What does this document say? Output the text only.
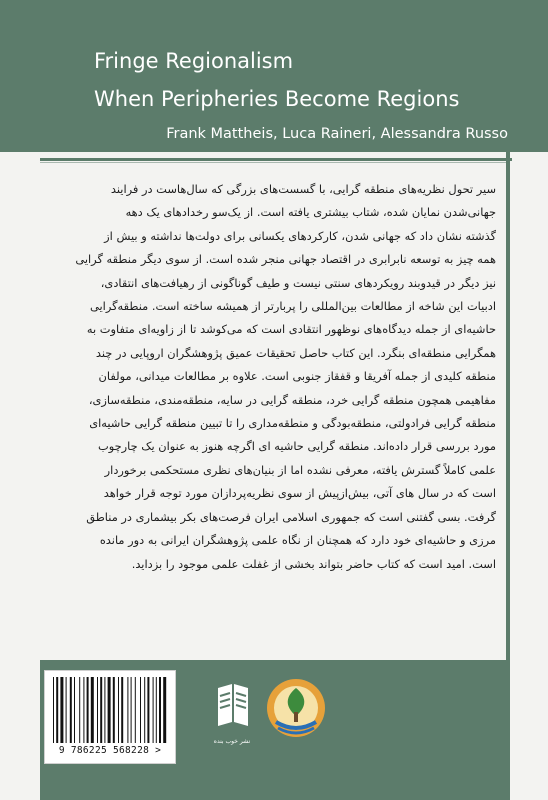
Fringe Regionalism
When Peripheries Become Regions
Frank Mattheis, Luca Raineri, Alessandra Russo
سیر تحول نظریه‌های منطقه گرایی، با گسست‌های بزرگی که سال‌هاست در فرایند
جهانی‌شدن نمایان شده، شتاب بیشتری یافته است. از یک‌سو رخدادهای یک دهه
گذشته نشان داد که جهانی شدن، کارکردهای یکسانی برای دولت‌ها نداشته و بیش از
همه چیز به توسعه نابرابری در اقتصاد جهانی منجر شده است. از سوی دیگر منطقه گرایی
نیز دیگر در قیدوبند رویکردهای سنتی نیست و طیف گوناگونی از رهیافت‌های انتقادی،
ادبیات این شاخه از مطالعات بین‌المللی را پربارتر از همیشه ساخته است. منطقه‌گرایی
حاشیه‌ای از جمله دیدگاه‌های نوظهور انتقادی است که می‌کوشد تا از زاویه‌ای متفاوت به
همگرایی منطقه‌ای بنگرد. این کتاب حاصل تحقیقات عمیق پژوهشگران اروپایی در چند
منطقه کلیدی از جمله آفریقا و قفقاز جنوبی است. علاوه بر مطالعات میدانی، مولفان
مفاهیمی همچون منطقه گرایی خرد، منطقه گرایی در سایه، منطقه‌مندی، منطقه‌سازی،
منطقه گرایی فرادولتی، منطقه‌بودگی و منطقه‌مداری را تا تبیین منطقه گرایی حاشیه‌ای
مورد بررسی قرار داده‌اند. منطقه گرایی حاشیه ای اگرچه هنوز به عنوان یک چارچوب
علمی کاملاً گسترش یافته، معرفی نشده اما از بنیان‌های نظری مستحکمی برخوردار
است که در سال های آتی، بیش‌ازپیش از سوی نظریه‌پردازان مورد توجه قرار خواهد
گرفت. بسی گفتنی است که جمهوری اسلامی ایران فرصت‌های بکر بیشماری در مناطق
مرزی و حاشیه‌ای خود دارد که همچنان از نگاه علمی پژوهشگران ایرانی به دور مانده
است. امید است که کتاب حاضر بتواند بخشی از غفلت علمی موجود را بزداید.
9 786225 568228 >
نشر خوب بنده
